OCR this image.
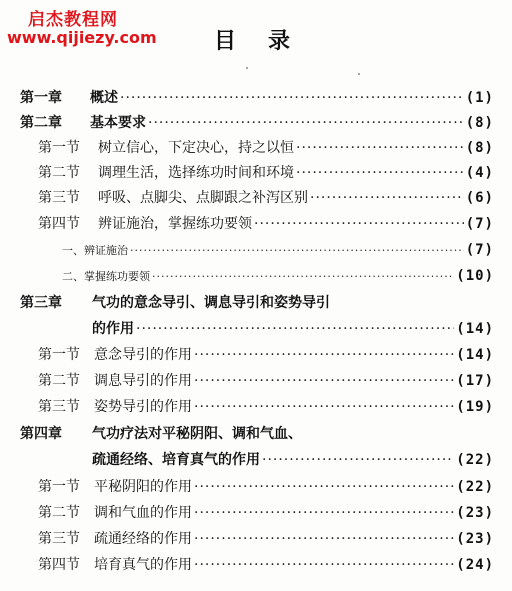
启杰教程网
www.qijiezy.com	目录
第一章	概述 ·····	(1)
第二章	基本要求 ·····	(8)
第一节	树立信心，下定决心，持之以恒 ·····	(8)
第二节	调理生活，选择练功时间和环境 ·····	(4)
第三节	呼吸、点脚尖、点脚跟之补泻区别 ·····	(6)
第四节	辨证施治，掌握练功要领 ·····	(7)
一、 辨证施治 ·····	(7)
二、 掌握练功要领 ·····	(10)
第三章	气功的意念导引、调息导引和姿势导引
的作用 ·····	(14)
第一节	意念导引的作用 ·····	(14)
第二节	调息导引的作用 ·····	(17)
第三节	姿势导引的作用 ·····	(19)
第四章	气功疗法对平秘阴阳、调和气血、
疏通经络、培育真气的作用 ·····	(22)
第一节	平秘阴阳的作用 ·····	(22)
第二节	调和气血的作用 ·····	(23)
第三节	疏通经络的作用 ·····	(23)
第四节	培育真气的作用 ·····	(24)
